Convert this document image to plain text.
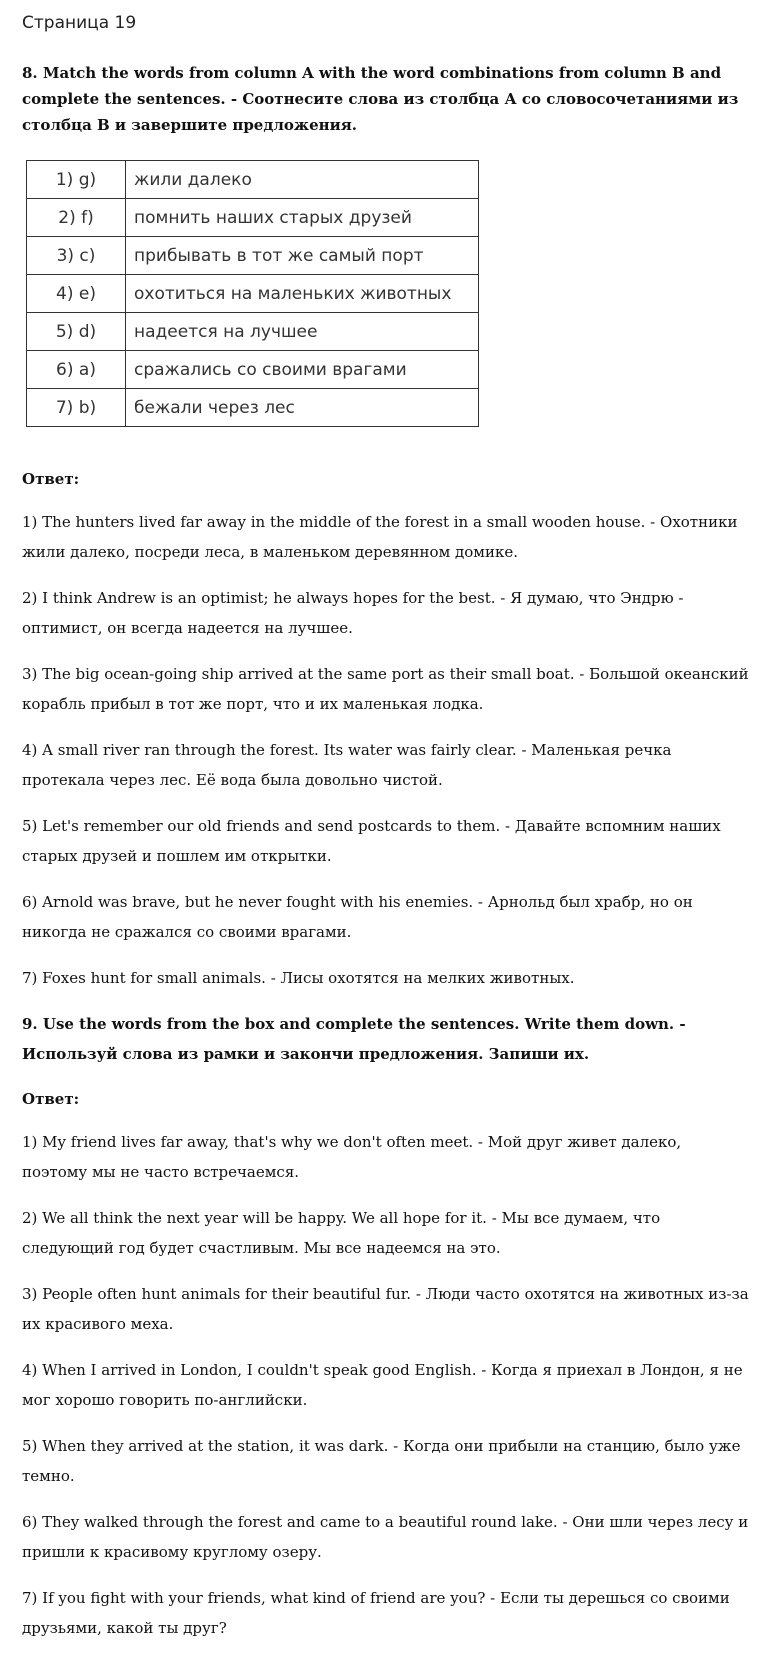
Страница 19
8. Match the words from column A with the word combinations from column B and complete the sentences. - Соотнесите слова из столбца А со словосочетаниями из столбца В и завершите предложения.
1) g)	жили далеко
2) f)	помнить наших старых друзей
3) c)	прибывать в тот же самый порт
4) e)	охотиться на маленьких животных
5) d)	надеется на лучшее
6) a)	сражались со своими врагами
7) b)	бежали через лес
Ответ:
1) The hunters lived far away in the middle of the forest in a small wooden house. - Охотники жили далеко, посреди леса, в маленьком деревянном домике.
2) I think Andrew is an optimist; he always hopes for the best. - Я думаю, что Эндрю - оптимист, он всегда надеется на лучшее.
3) The big ocean-going ship arrived at the same port as their small boat. - Большой океанский корабль прибыл в тот же порт, что и их маленькая лодка.
4) A small river ran through the forest. Its water was fairly clear. - Маленькая речка протекала через лес. Её вода была довольно чистой.
5) Let's remember our old friends and send postcards to them. - Давайте вспомним наших старых друзей и пошлем им открытки.
6) Arnold was brave, but he never fought with his enemies. - Арнольд был храбр, но он никогда не сражался со своими врагами.
7) Foxes hunt for small animals. - Лисы охотятся на мелких животных.
9. Use the words from the box and complete the sentences. Write them down. - Используй слова из рамки и закончи предложения. Запиши их.
Ответ:
1) My friend lives far away, that's why we don't often meet. - Мой друг живет далеко, поэтому мы не часто встречаемся.
2) We all think the next year will be happy. We all hope for it. - Мы все думаем, что следующий год будет счастливым. Мы все надеемся на это.
3) People often hunt animals for their beautiful fur. - Люди часто охотятся на животных из-за их красивого меха.
4) When I arrived in London, I couldn't speak good English. - Когда я приехал в Лондон, я не мог хорошо говорить по-английски.
5) When they arrived at the station, it was dark. - Когда они прибыли на станцию, было уже темно.
6) They walked through the forest and came to a beautiful round lake. - Они шли через лесу и пришли к красивому круглому озеру.
7) If you fight with your friends, what kind of friend are you? - Если ты дерешься со своими друзьями, какой ты друг?
